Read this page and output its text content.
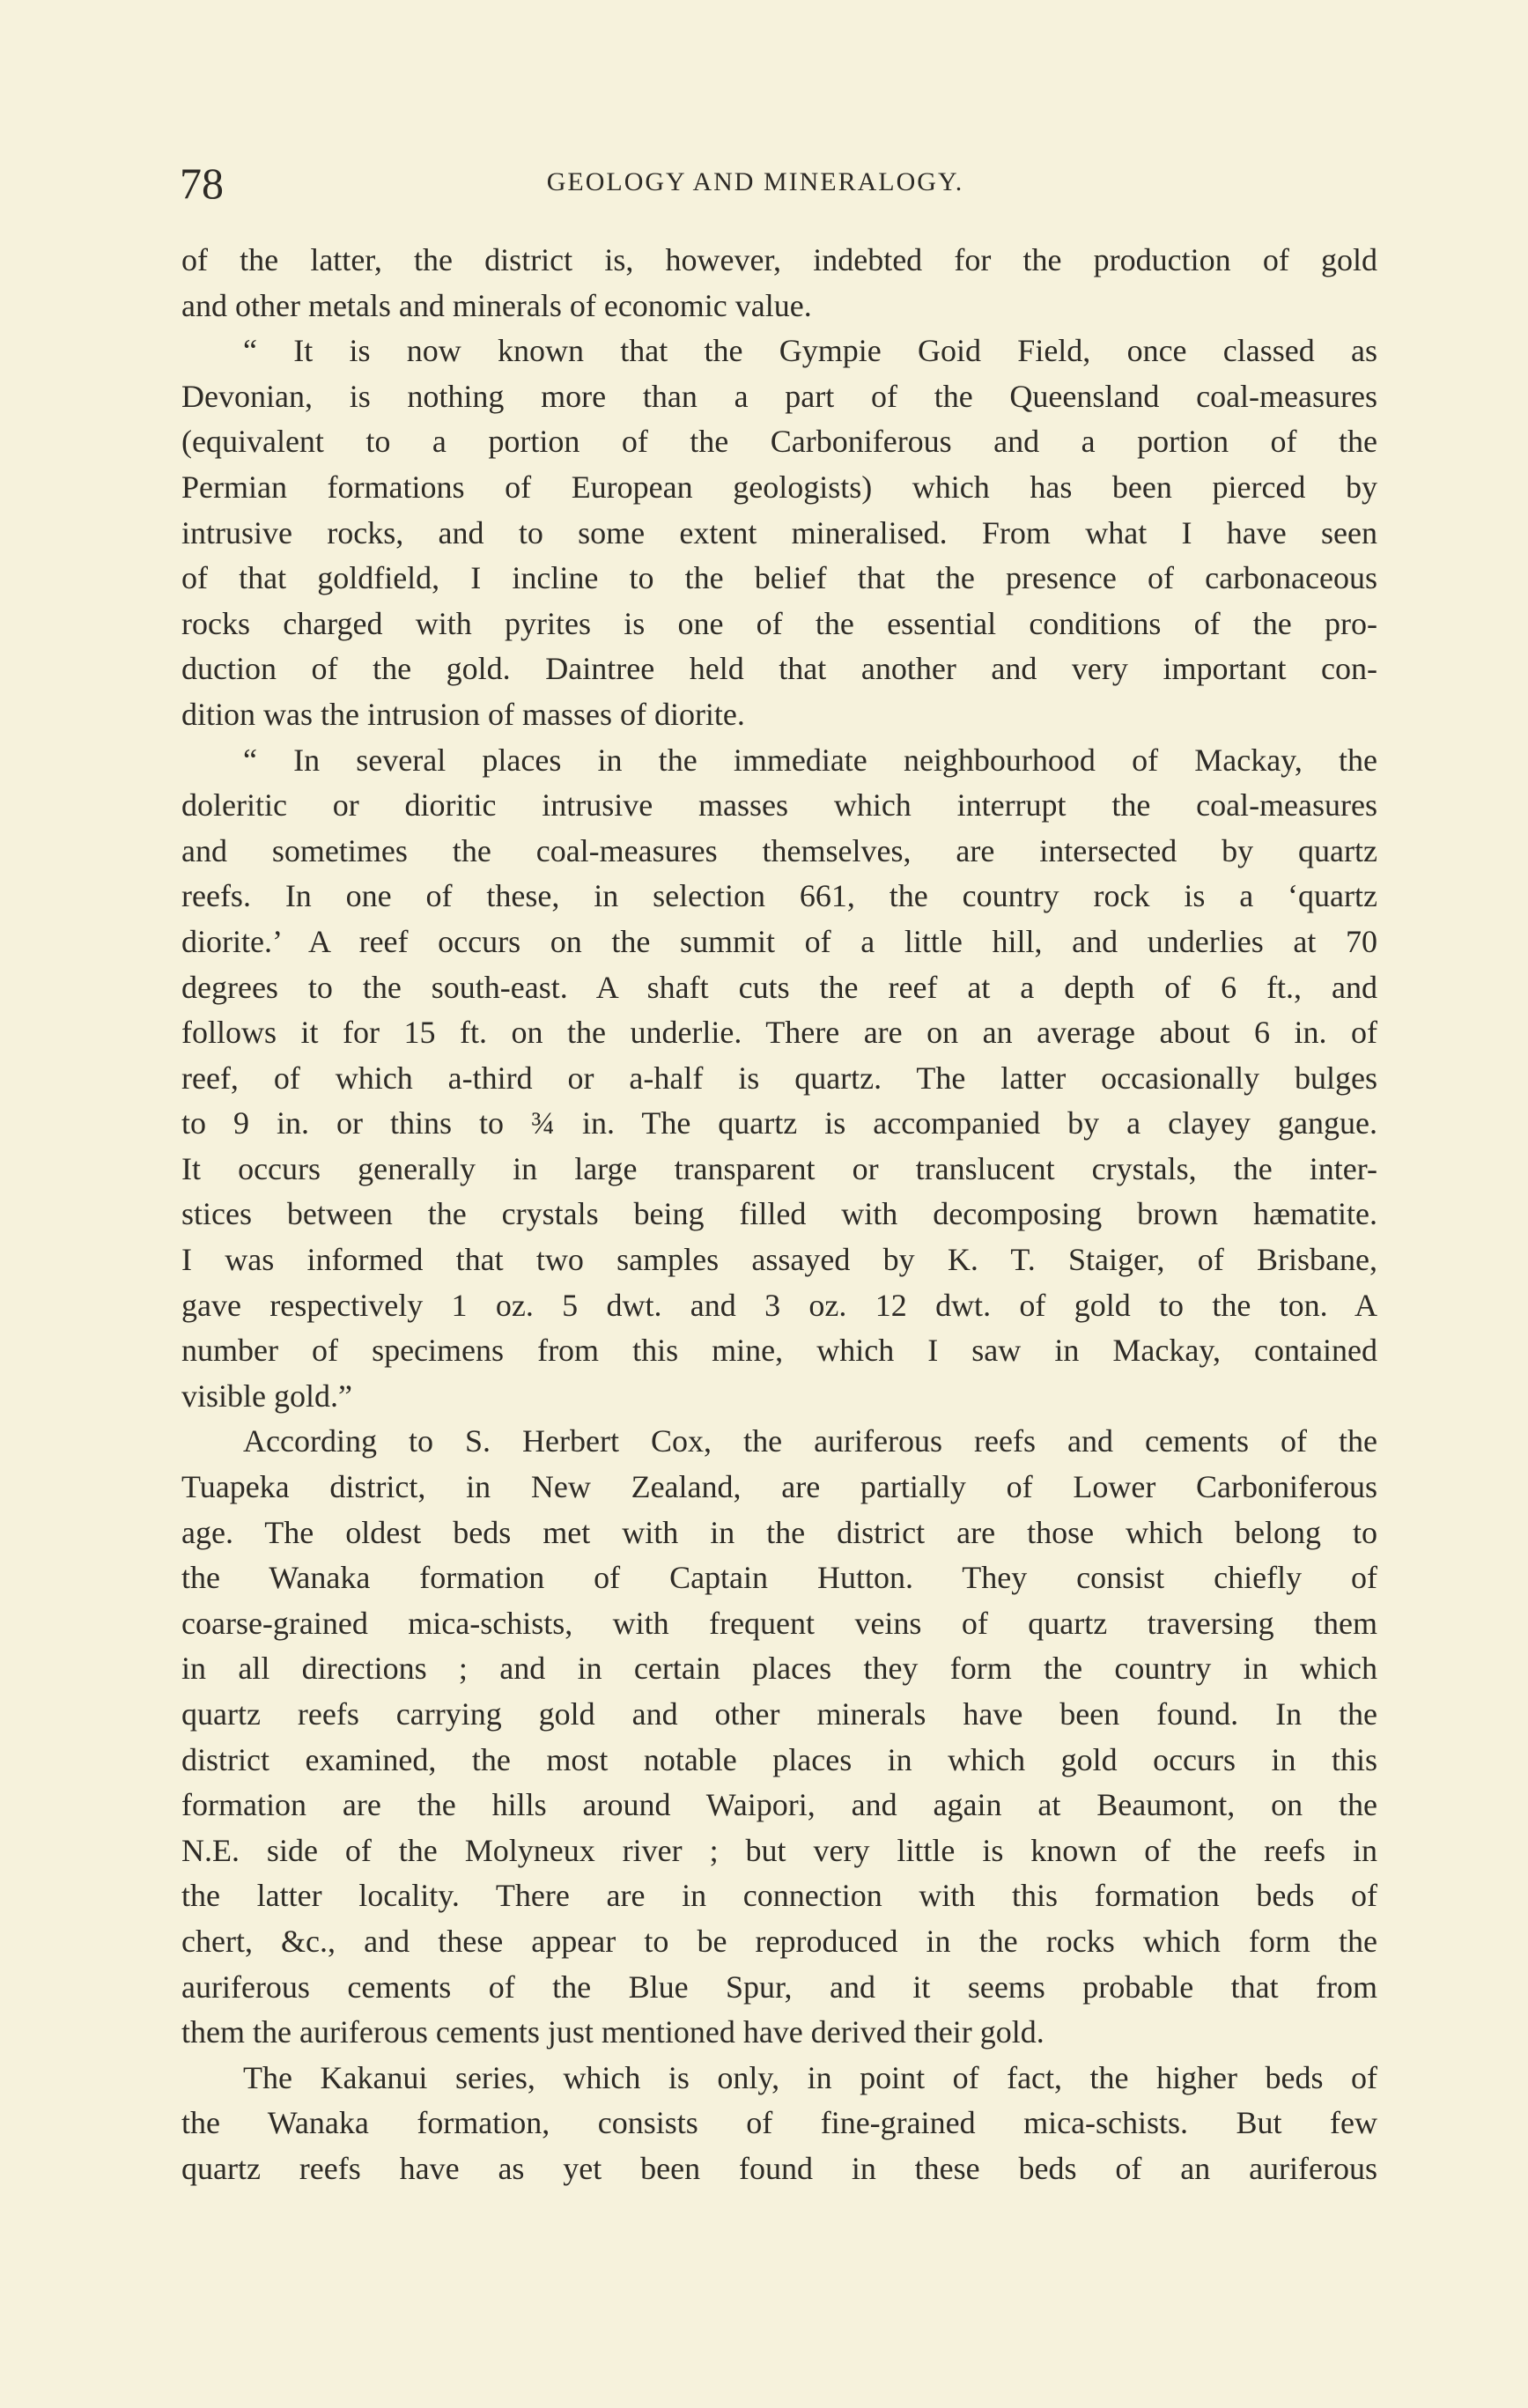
78	GEOLOGY AND MINERALOGY.
of the latter, the district is, however, indebted for the production of gold
and other metals and minerals of economic value.
“ It is now known that the Gympie Goid Field, once classed as
Devonian, is nothing more than a part of the Queensland coal-measures
(equivalent to a portion of the Carboniferous and a portion of the
Permian formations of European geologists) which has been pierced by
intrusive rocks, and to some extent mineralised. From what I have seen
of that goldfield, I incline to the belief that the presence of carbonaceous
rocks charged with pyrites is one of the essential conditions of the pro-
duction of the gold. Daintree held that another and very important con-
dition was the intrusion of masses of diorite.
“ In several places in the immediate neighbourhood of Mackay, the
doleritic or dioritic intrusive masses which interrupt the coal-measures
and sometimes the coal-measures themselves, are intersected by quartz
reefs. In one of these, in selection 661, the country rock is a ‘quartz
diorite.’ A reef occurs on the summit of a little hill, and underlies at 70
degrees to the south-east. A shaft cuts the reef at a depth of 6 ft., and
follows it for 15 ft. on the underlie. There are on an average about 6 in. of
reef, of which a-third or a-half is quartz. The latter occasionally bulges
to 9 in. or thins to ¾ in. The quartz is accompanied by a clayey gangue.
It occurs generally in large transparent or translucent crystals, the inter-
stices between the crystals being filled with decomposing brown hæmatite.
I was informed that two samples assayed by K. T. Staiger, of Brisbane,
gave respectively 1 oz. 5 dwt. and 3 oz. 12 dwt. of gold to the ton. A
number of specimens from this mine, which I saw in Mackay, contained
visible gold.”
According to S. Herbert Cox, the auriferous reefs and cements of the
Tuapeka district, in New Zealand, are partially of Lower Carboniferous
age. The oldest beds met with in the district are those which belong to
the Wanaka formation of Captain Hutton. They consist chiefly of
coarse-grained mica-schists, with frequent veins of quartz traversing them
in all directions ; and in certain places they form the country in which
quartz reefs carrying gold and other minerals have been found. In the
district examined, the most notable places in which gold occurs in this
formation are the hills around Waipori, and again at Beaumont, on the
N.E. side of the Molyneux river ; but very little is known of the reefs in
the latter locality. There are in connection with this formation beds of
chert, &c., and these appear to be reproduced in the rocks which form the
auriferous cements of the Blue Spur, and it seems probable that from
them the auriferous cements just mentioned have derived their gold.
The Kakanui series, which is only, in point of fact, the higher beds of
the Wanaka formation, consists of fine-grained mica-schists. But few
quartz reefs have as yet been found in these beds of an auriferous
